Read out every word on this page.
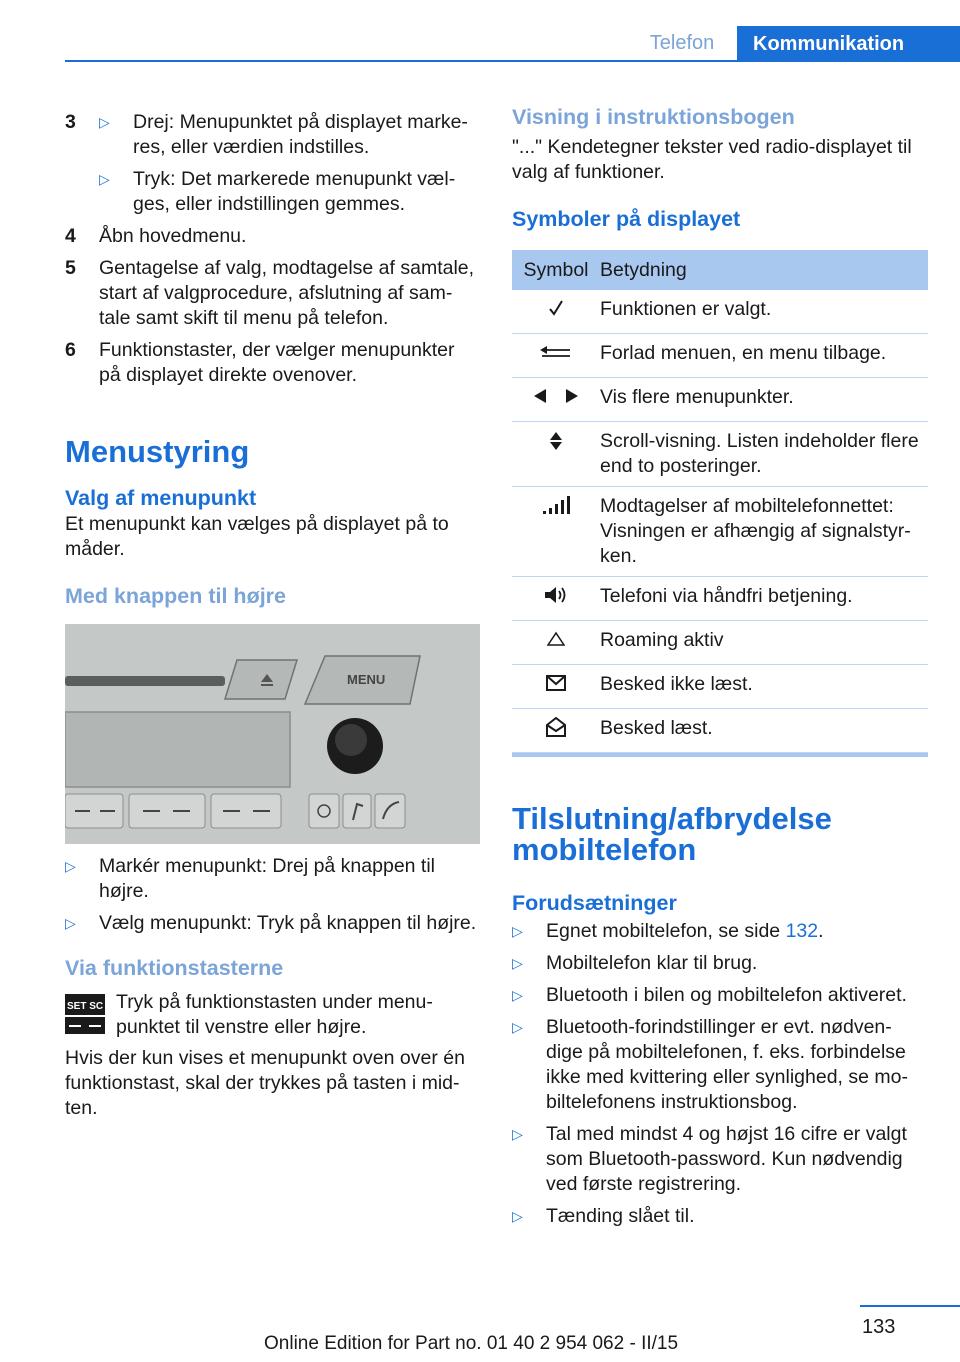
Telefon	Kommunikation
3	▷	Drej: Menupunktet på displayet marke-res, eller værdien indstilles.
▷	Tryk: Det markerede menupunkt væl-ges, eller indstillingen gemmes.
4	Åbn hovedmenu.
5	Gentagelse af valg, modtagelse af samtale, start af valgprocedure, afslutning af sam-tale samt skift til menu på telefon.
6	Funktionstaster, der vælger menupunkter på displayet direkte ovenover.
Menustyring
Valg af menupunkt
Et menupunkt kan vælges på displayet på to måder.
Med knappen til højre
MENU
▷	Markér menupunkt: Drej på knappen til højre.
▷	Vælg menupunkt: Tryk på knappen til højre.
Via funktionstasterne
SET SC Tryk på funktionstasten under menu-punktet til venstre eller højre.
Hvis der kun vises et menupunkt oven over én funktionstast, skal der trykkes på tasten i mid-ten.
Visning i instruktionsbogen
"..." Kendetegner tekster ved radio-displayet til valg af funktioner.
Symboler på displayet
Symbol	Betydning
	Funktionen er valgt.
	Forlad menuen, en menu tilbage.
	Vis flere menupunkter.
	Scroll-visning. Listen indeholder flere end to posteringer.
	Modtagelser af mobiltelefonnettet: Visningen er afhængig af signalstyr-ken.
	Telefoni via håndfri betjening.
	Roaming aktiv
	Besked ikke læst.
	Besked læst.
Tilslutning/afbrydelse mobiltelefon
Forudsætninger
▷	Egnet mobiltelefon, se side 132.
▷	Mobiltelefon klar til brug.
▷	Bluetooth i bilen og mobiltelefon aktiveret.
▷	Bluetooth-forindstillinger er evt. nødven-dige på mobiltelefonen, f. eks. forbindelse ikke med kvittering eller synlighed, se mo-biltelefonens instruktionsbog.
▷	Tal med mindst 4 og højst 16 cifre er valgt som Bluetooth-password. Kun nødvendig ved første registrering.
▷	Tænding slået til.
133
Online Edition for Part no. 01 40 2 954 062 - II/15
